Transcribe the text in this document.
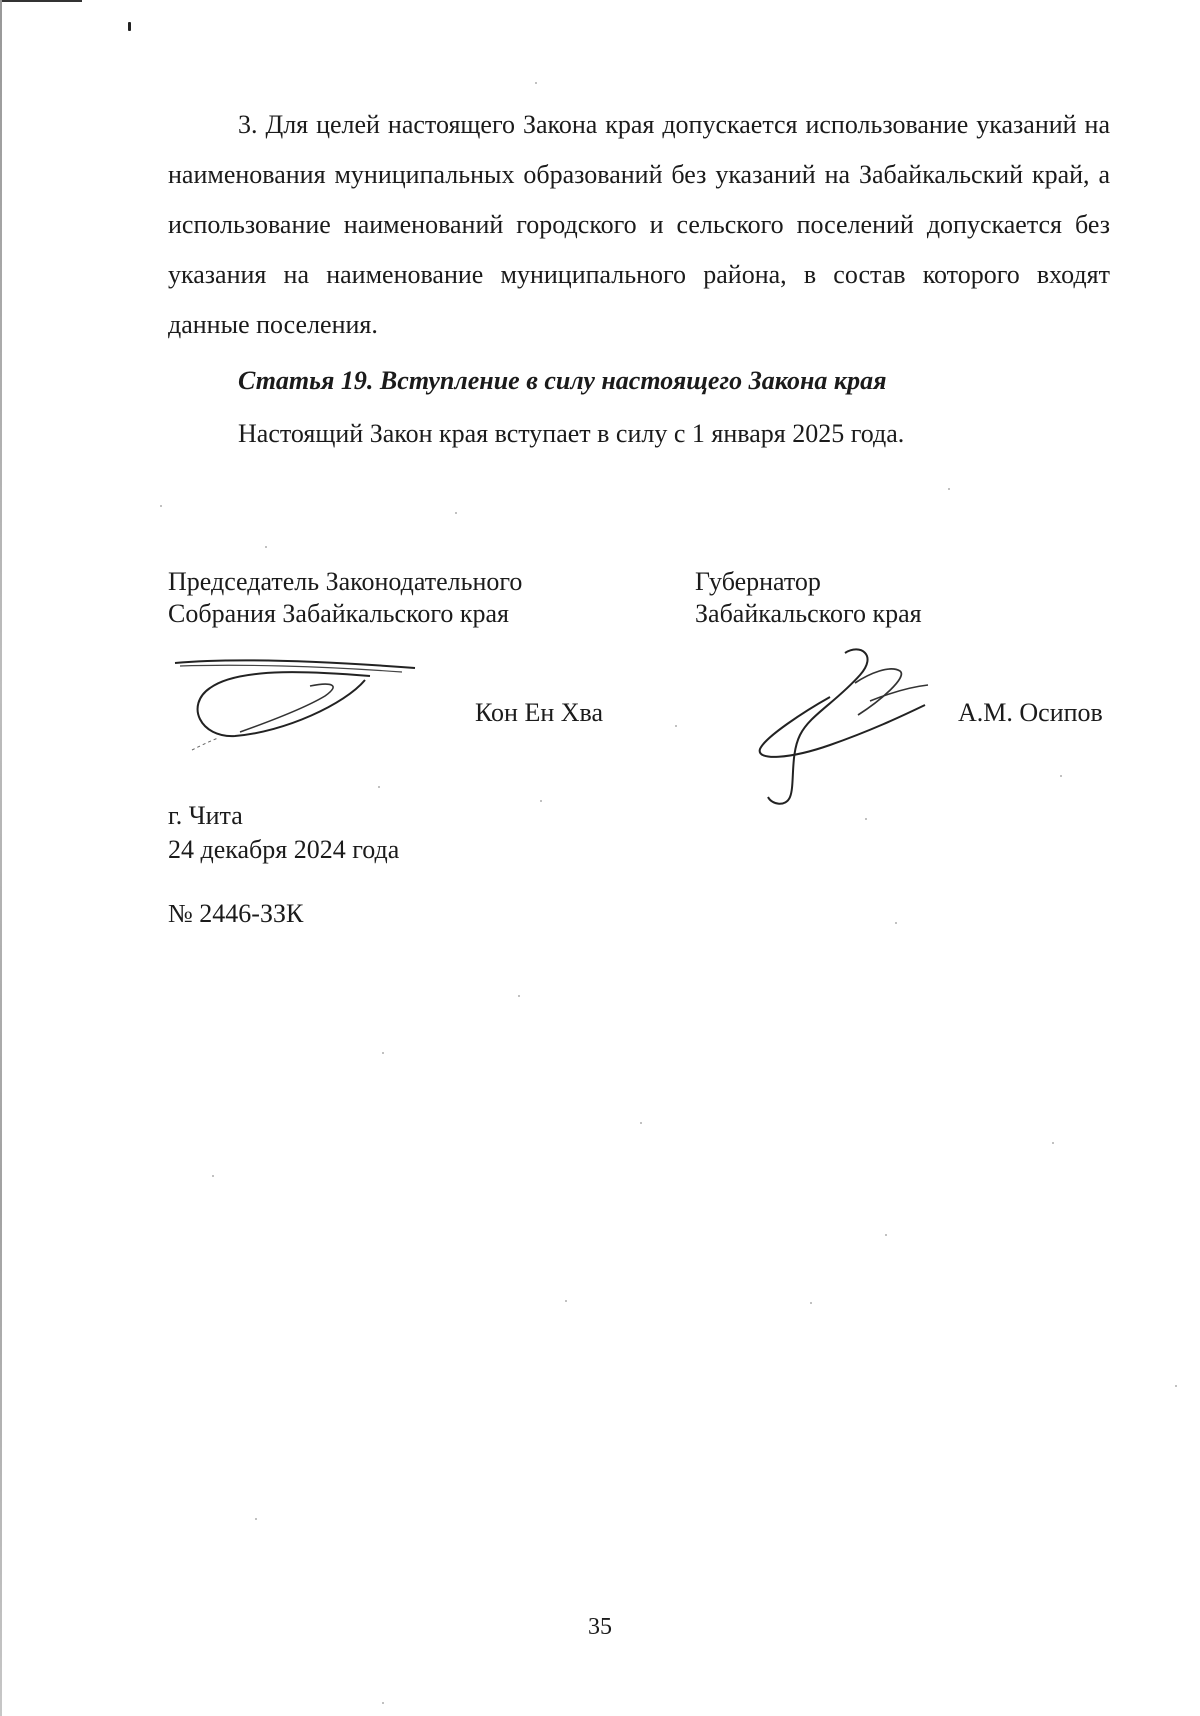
3. Для целей настоящего Закона края допускается использование указаний на наименования муниципальных образований без указаний на Забайкальский край, а использование наименований городского и сельского поселений допускается без указания на наименование муниципального района, в состав которого входят данные поселения.

Статья 19. Вступление в силу настоящего Закона края

Настоящий Закон края вступает в силу с 1 января 2025 года.

Председатель Законодательного

Собрания Забайкальского края

Кон Ен Хва

Губернатор

Забайкальского края

А.М. Осипов

г. Чита

24 декабря 2024 года

№ 2446-ЗЗК

35
